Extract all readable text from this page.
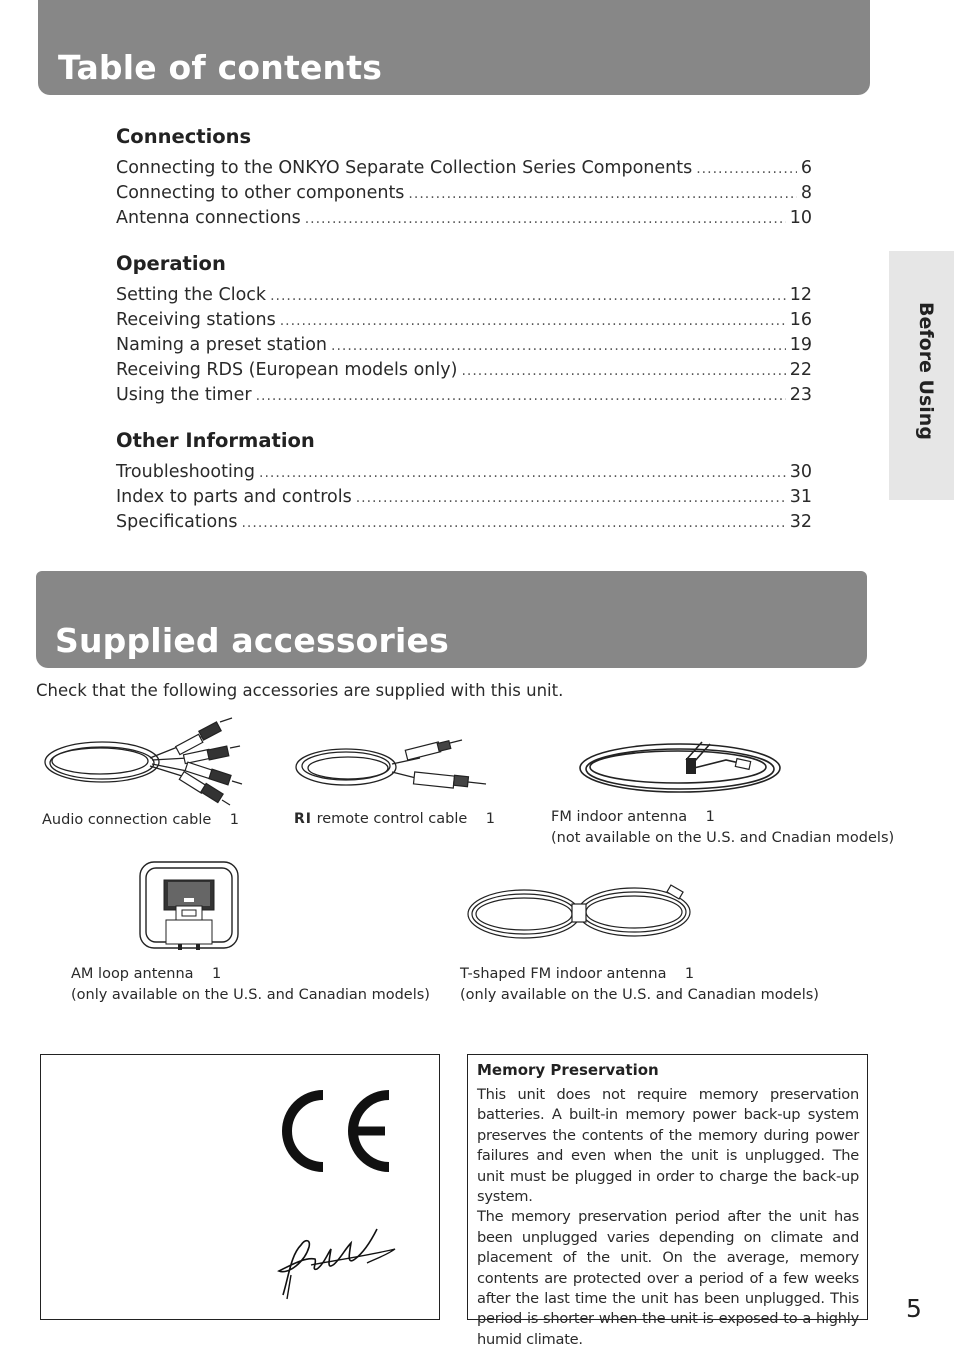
Table of contents
Connections
Connecting to the ONKYO Separate Collection Series Components .....	6
Connecting to other components .....	8
Antenna connections .....	10
Operation
Setting the Clock .....	12
Receiving stations .....	16
Naming a preset station .....	19
Receiving RDS (European models only) .....	22
Using the timer .....	23
Other Information
Troubleshooting .....	30
Index to parts and controls .....	31
Specifications .....	32
Before Using
Supplied accessories
Check that the following accessories are supplied with this unit.
Audio connection cable 1	RI remote control cable 1	FM indoor antenna 1
(not available on the U.S. and Cnadian models)
AM loop antenna 1
(only available on the U.S. and Canadian models)
T-shaped FM indoor antenna 1
(only available on the U.S. and Canadian models)
Memory Preservation

This unit does not require memory preservation batteries. A built-in memory power back-up system preserves the contents of the memory during power failures and even when the unit is unplugged. The unit must be plugged in order to charge the back-up system.

The memory preservation period after the unit has been unplugged varies depending on climate and placement of the unit. On the average, memory contents are protected over a period of a few weeks after the last time the unit has been unplugged. This period is shorter when the unit is exposed to a highly humid climate.

5
